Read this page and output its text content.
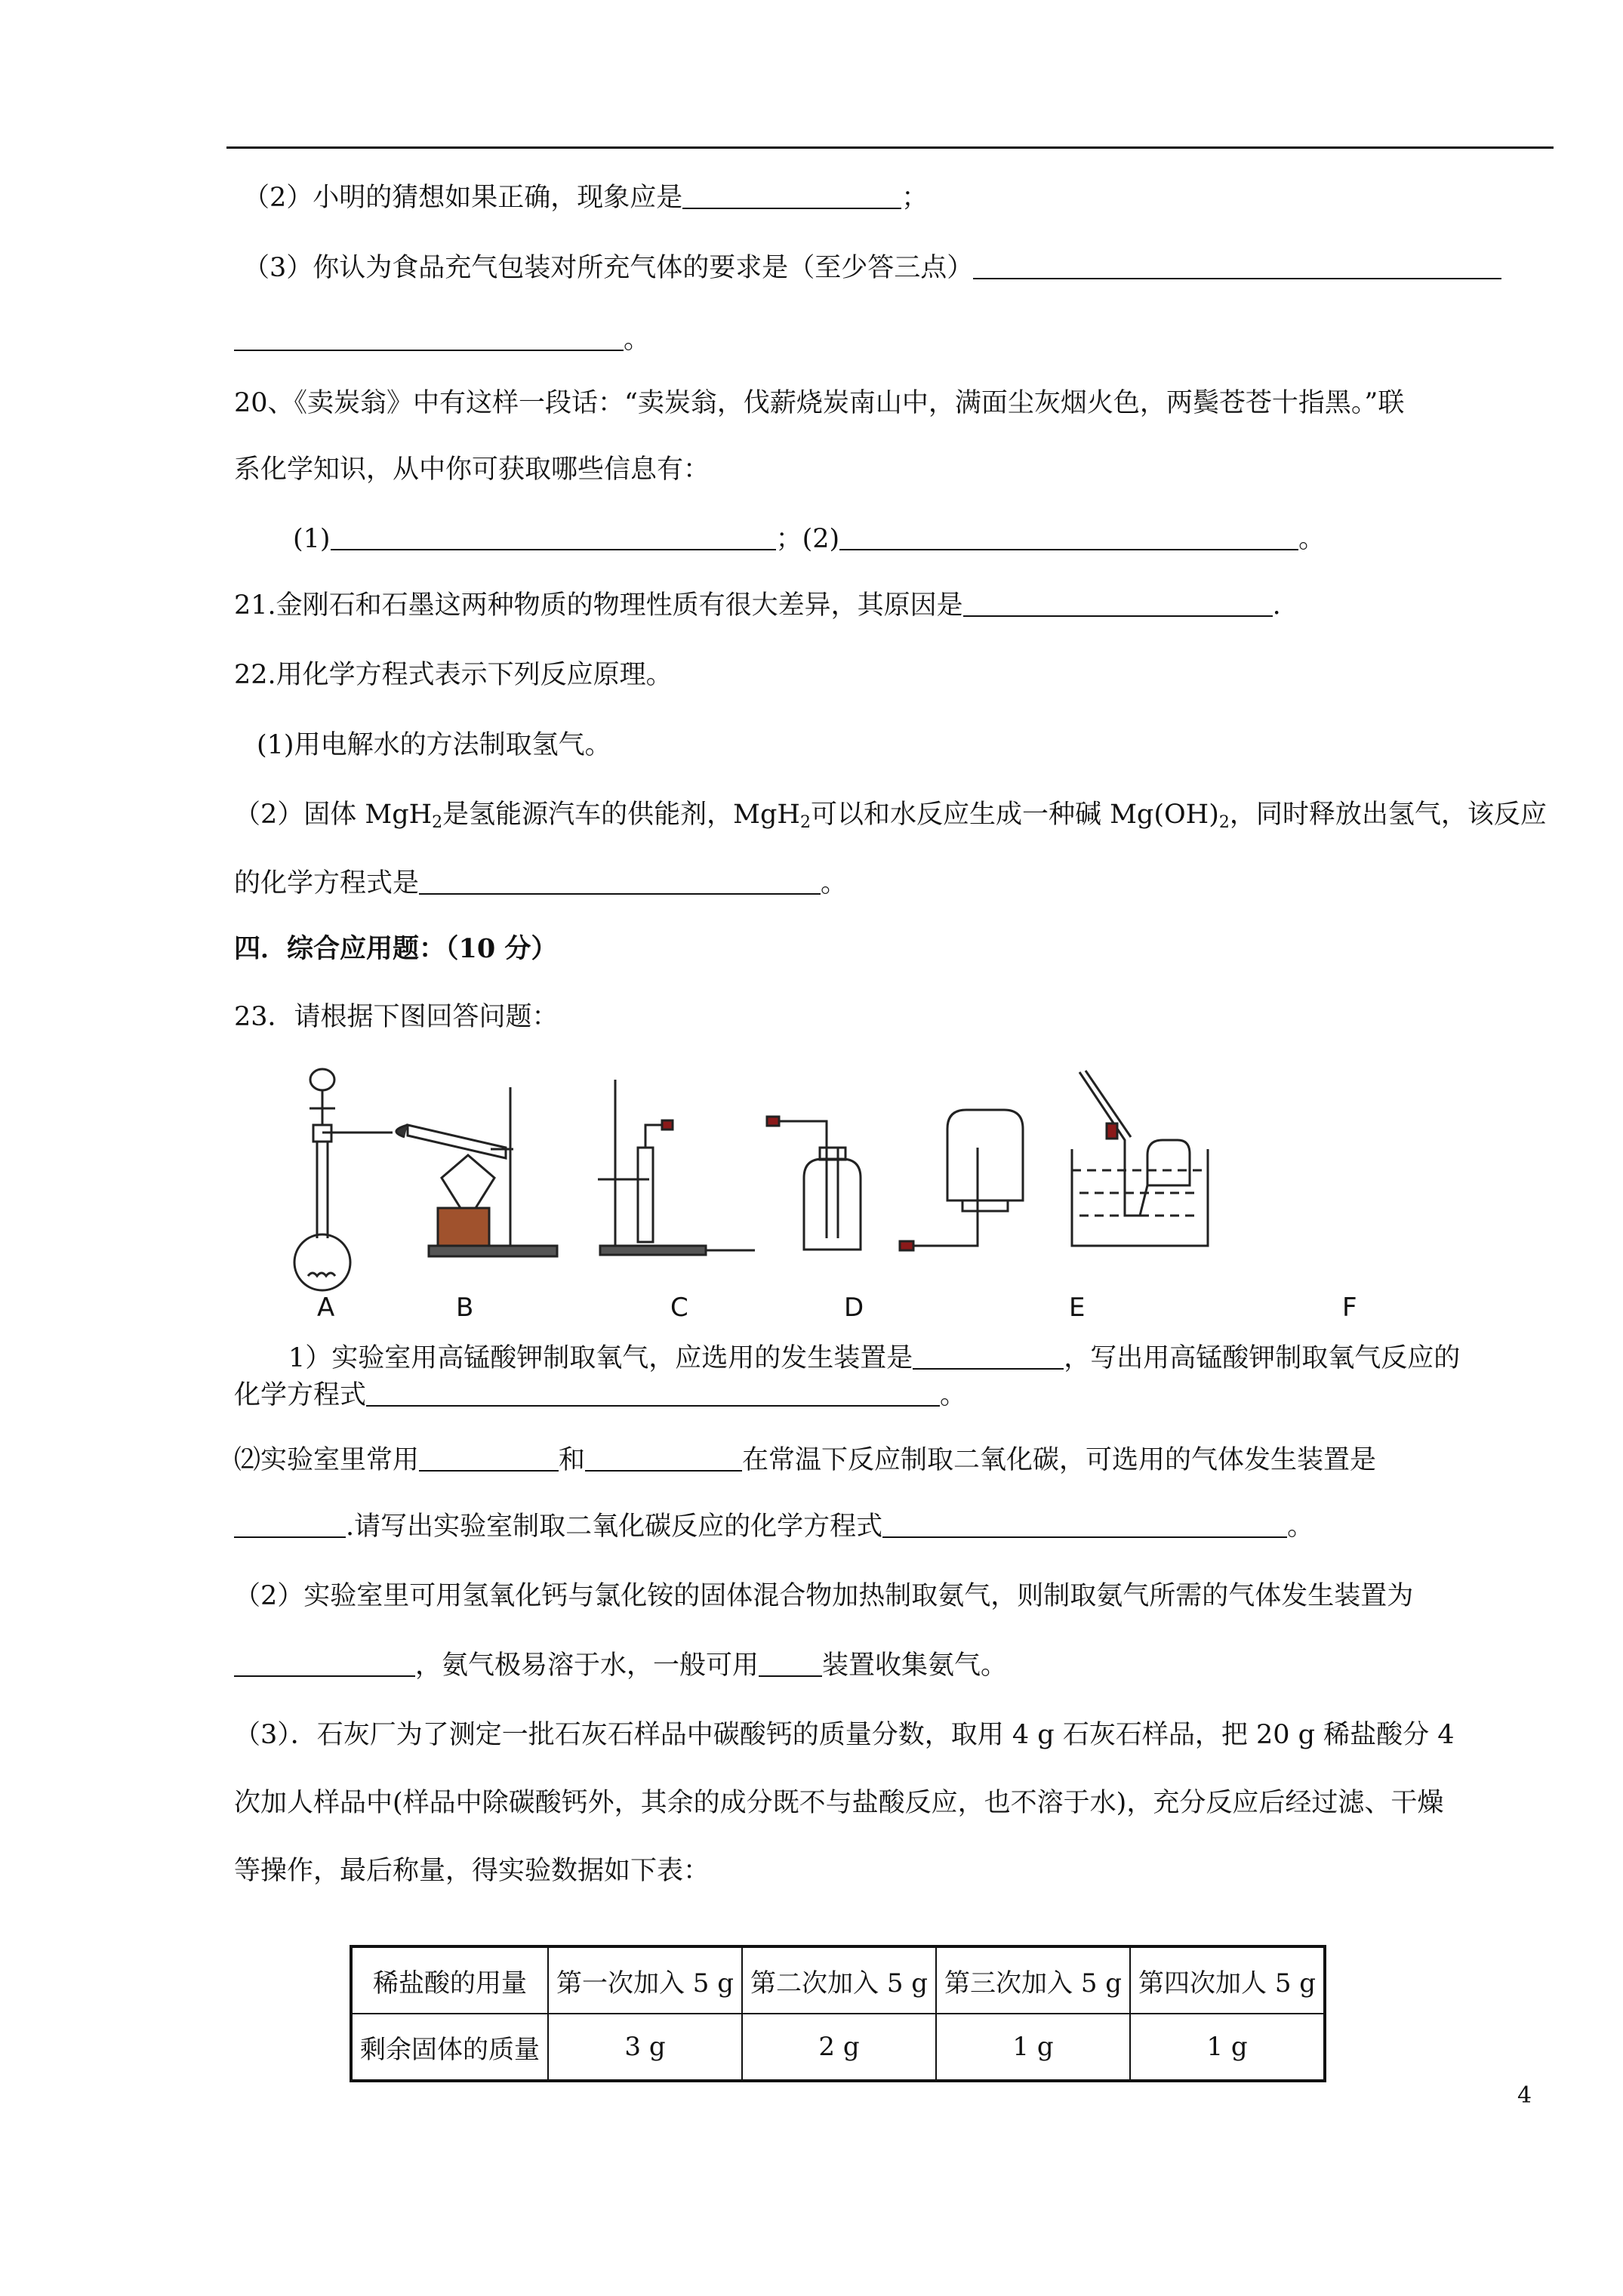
（2）小明的猜想如果正确，现象应是	；
（3）你认为食品充气包装对所充气体的要求是（至少答三点）
。
20、《卖炭翁》中有这样一段话：“卖炭翁，伐薪烧炭南山中，满面尘灰烟火色，两鬓苍苍十指黑。”联
系化学知识，从中你可获取哪些信息有：
(1)	；(2)	。
21.金刚石和石墨这两种物质的物理性质有很大差异，其原因是	.
22.用化学方程式表示下列反应原理。
(1)用电解水的方法制取氢气。
（2）固体 MgH$_2$是氢能源汽车的供能剂，MgH$_2$可以和水反应生成一种碱 $Mg(OH)_2$，同时释放出氢气，该反应
的化学方程式是	。
四．综合应用题：（10 分）
23．请根据下图回答问题：
A	B	C	D	E	F
1）实验室用高锰酸钾制取氧气，应选用的发生装置是	，写出用高锰酸钾制取氧气反应的
化学方程式	。
⑵实验室里常用	和	在常温下反应制取二氧化碳，可选用的气体发生装置是
.请写出实验室制取二氧化碳反应的化学方程式	。
（2）实验室里可用氢氧化钙与氯化铵的固体混合物加热制取氨气，则制取氨气所需的气体发生装置为
，氨气极易溶于水，一般可用 装置收集氨气。
（3）．石灰厂为了测定一批石灰石样品中碳酸钙的质量分数，取用 4 g 石灰石样品，把 20 g 稀盐酸分 4
次加人样品中(样品中除碳酸钙外，其余的成分既不与盐酸反应，也不溶于水)，充分反应后经过滤、干燥
等操作，最后称量，得实验数据如下表：
稀盐酸的用量	第一次加入 5 g	第二次加入 5 g	第三次加入 5 g	第四次加人 5 g
剩余固体的质量	3 g	2 g	1 g	1 g
4
